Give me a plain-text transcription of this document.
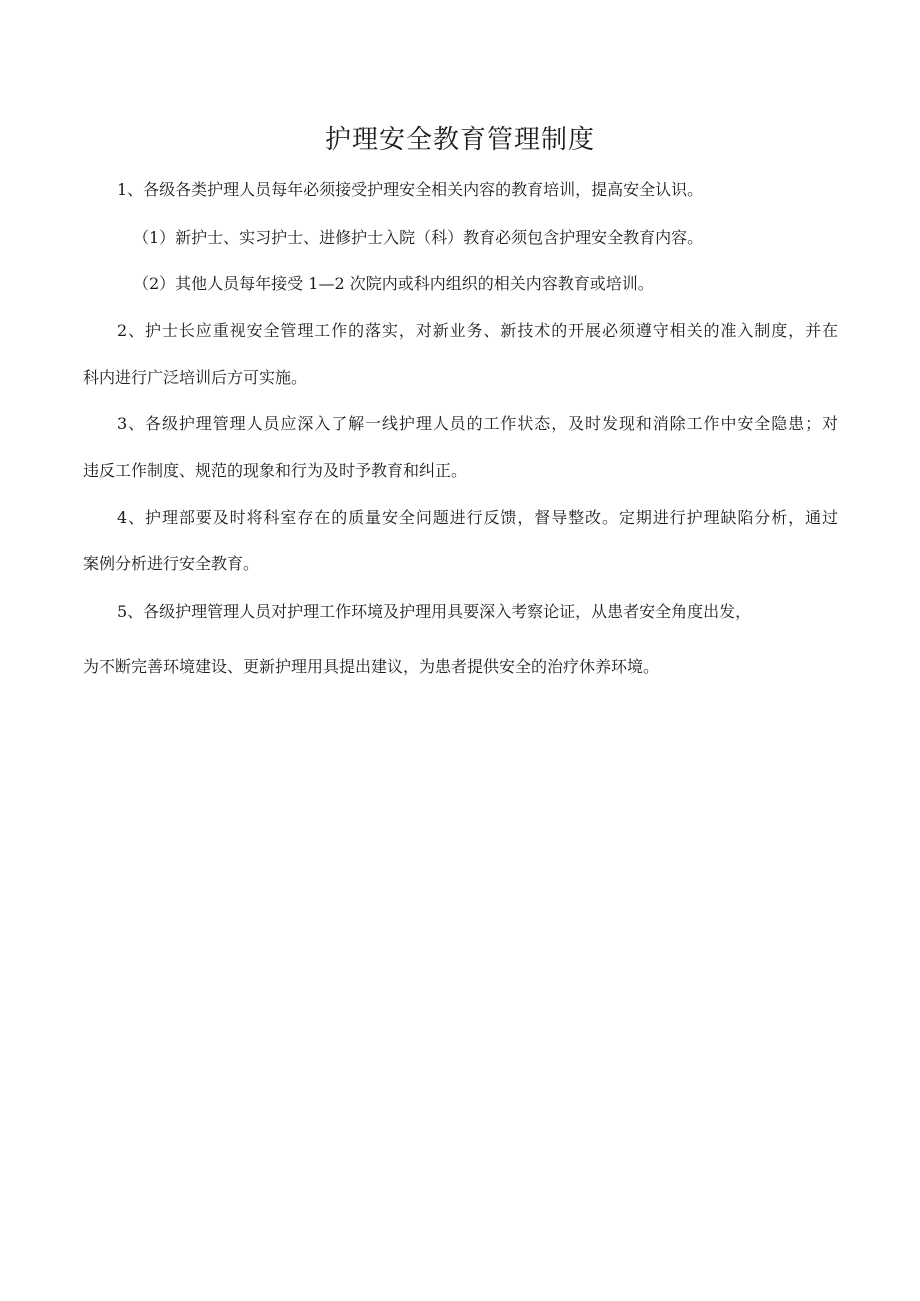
护理安全教育管理制度
1、各级各类护理人员每年必须接受护理安全相关内容的教育培训，提高安全认识。
（1）新护士、实习护士、进修护士入院（科）教育必须包含护理安全教育内容。
（2）其他人员每年接受 1—2 次院内或科内组织的相关内容教育或培训。
2、护士长应重视安全管理工作的落实，对新业务、新技术的开展必须遵守相关的准入制度，并在
科内进行广泛培训后方可实施。
3、各级护理管理人员应深入了解一线护理人员的工作状态，及时发现和消除工作中安全隐患；对
违反工作制度、规范的现象和行为及时予教育和纠正。
4、护理部要及时将科室存在的质量安全问题进行反馈，督导整改。定期进行护理缺陷分析，通过
案例分析进行安全教育。
5、各级护理管理人员对护理工作环境及护理用具要深入考察论证，从患者安全角度出发，
为不断完善环境建设、更新护理用具提出建议，为患者提供安全的治疗休养环境。
